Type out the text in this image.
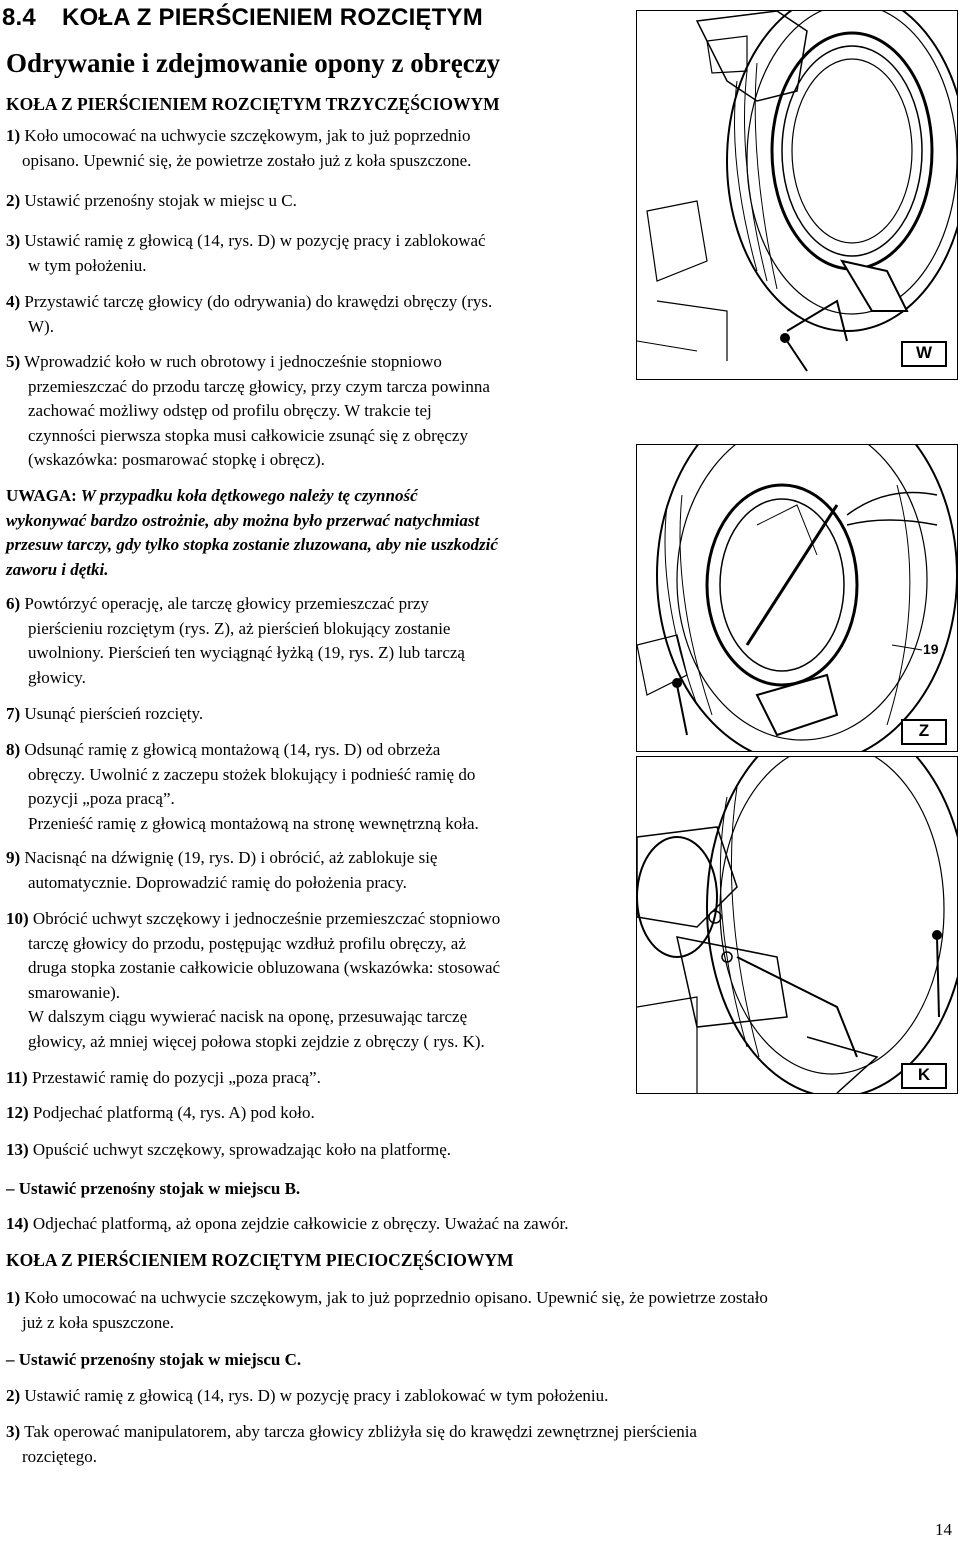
8.4 KOŁA Z PIERŚCIENIEM ROZCIĘTYM
Odrywanie i zdejmowanie opony z obręczy
KOŁA Z PIERŚCIENIEM ROZCIĘTYM TRZYCZĘŚCIOWYM
1) Koło umocować na uchwycie szczękowym, jak to już poprzednio
opisano. Upewnić się, że powietrze zostało już z koła spuszczone.
2) Ustawić przenośny stojak w miejsc u C.
3) Ustawić ramię z głowicą (14, rys. D) w pozycję pracy i zablokować
w tym położeniu.
4) Przystawić tarczę głowicy (do odrywania) do krawędzi obręczy (rys.
W).
5) Wprowadzić koło w ruch obrotowy i jednocześnie stopniowo
przemieszczać do przodu tarczę głowicy, przy czym tarcza powinna
zachować możliwy odstęp od profilu obręczy. W trakcie tej
czynności pierwsza stopka musi całkowicie zsunąć się z obręczy
(wskazówka: posmarować stopkę i obręcz).
UWAGA: W przypadku koła dętkowego należy tę czynność
wykonywać bardzo ostrożnie, aby można było przerwać natychmiast
przesuw tarczy, gdy tylko stopka zostanie zluzowana, aby nie uszkodzić
zaworu i dętki.
6) Powtórzyć operację, ale tarczę głowicy przemieszczać przy
pierścieniu rozciętym (rys. Z), aż pierścień blokujący zostanie
uwolniony. Pierścień ten wyciągnąć łyżką (19, rys. Z) lub tarczą
głowicy.
7) Usunąć pierścień rozcięty.
8) Odsunąć ramię z głowicą montażową (14, rys. D) od obrzeża
obręczy. Uwolnić z zaczepu stożek blokujący i podnieść ramię do
pozycji „poza pracą”.
Przenieść ramię z głowicą montażową na stronę wewnętrzną koła.
9) Nacisnąć na dźwignię (19, rys. D) i obrócić, aż zablokuje się
automatycznie. Doprowadzić ramię do położenia pracy.
10) Obrócić uchwyt szczękowy i jednocześnie przemieszczać stopniowo
tarczę głowicy do przodu, postępując wzdłuż profilu obręczy, aż
druga stopka zostanie całkowicie obluzowana (wskazówka: stosować
smarowanie).
W dalszym ciągu wywierać nacisk na oponę, przesuwając tarczę
głowicy, aż mniej więcej połowa stopki zejdzie z obręczy ( rys. K).
11) Przestawić ramię do pozycji „poza pracą”.
12) Podjechać platformą (4, rys. A) pod koło.
13) Opuścić uchwyt szczękowy, sprowadzając koło na platformę.
– Ustawić przenośny stojak w miejscu B.
14) Odjechać platformą, aż opona zejdzie całkowicie z obręczy. Uważać na zawór.
KOŁA Z PIERŚCIENIEM ROZCIĘTYM PIECIOCZĘŚCIOWYM
1) Koło umocować na uchwycie szczękowym, jak to już poprzednio opisano. Upewnić się, że powietrze zostało
już z koła spuszczone.
– Ustawić przenośny stojak w miejscu C.
2) Ustawić ramię z głowicą (14, rys. D) w pozycję pracy i zablokować w tym położeniu.
3) Tak operować manipulatorem, aby tarcza głowicy zbliżyła się do krawędzi zewnętrznej pierścienia
rozciętego.
W
19
Z
K
14
